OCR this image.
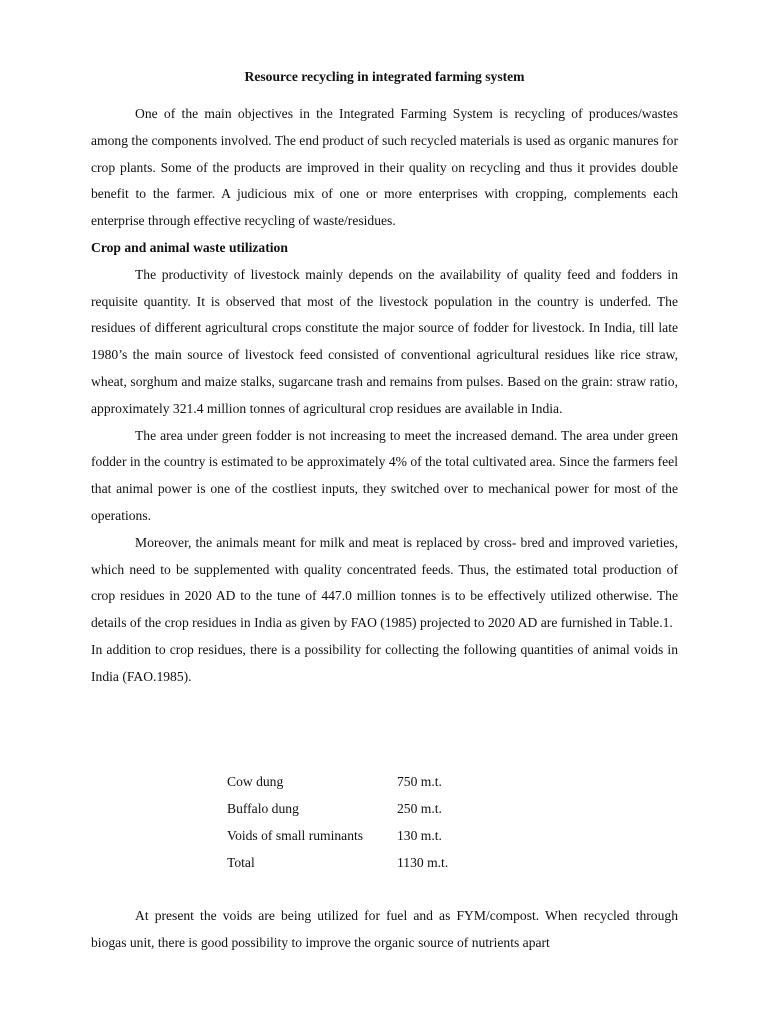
Resource recycling in integrated farming system

One of the main objectives in the Integrated Farming System is recycling of produces/wastes among the components involved. The end product of such recycled materials is used as organic manures for crop plants. Some of the products are improved in their quality on recycling and thus it provides double benefit to the farmer. A judicious mix of one or more enterprises with cropping, complements each enterprise through effective recycling of waste/residues.

Crop and animal waste utilization

The productivity of livestock mainly depends on the availability of quality feed and fodders in requisite quantity. It is observed that most of the livestock population in the country is underfed. The residues of different agricultural crops constitute the major source of fodder for livestock. In India, till late 1980’s the main source of livestock feed consisted of conventional agricultural residues like rice straw, wheat, sorghum and maize stalks, sugarcane trash and remains from pulses. Based on the grain: straw ratio, approximately 321.4 million tonnes of agricultural crop residues are available in India.

The area under green fodder is not increasing to meet the increased demand. The area under green fodder in the country is estimated to be approximately 4% of the total cultivated area. Since the farmers feel that animal power is one of the costliest inputs, they switched over to mechanical power for most of the operations.

Moreover, the animals meant for milk and meat is replaced by cross- bred and improved varieties, which need to be supplemented with quality concentrated feeds. Thus, the estimated total production of crop residues in 2020 AD to the tune of 447.0 million tonnes is to be effectively utilized otherwise. The details of the crop residues in India as given by FAO (1985) projected to 2020 AD are furnished in Table.1.

In addition to crop residues, there is a possibility for collecting the following quantities of animal voids in India (FAO.1985).

Cow dung	750 m.t.
Buffalo dung	250 m.t.
Voids of small ruminants	130 m.t.
Total	1130 m.t.

At present the voids are being utilized for fuel and as FYM/compost. When recycled through biogas unit, there is good possibility to improve the organic source of nutrients apart
